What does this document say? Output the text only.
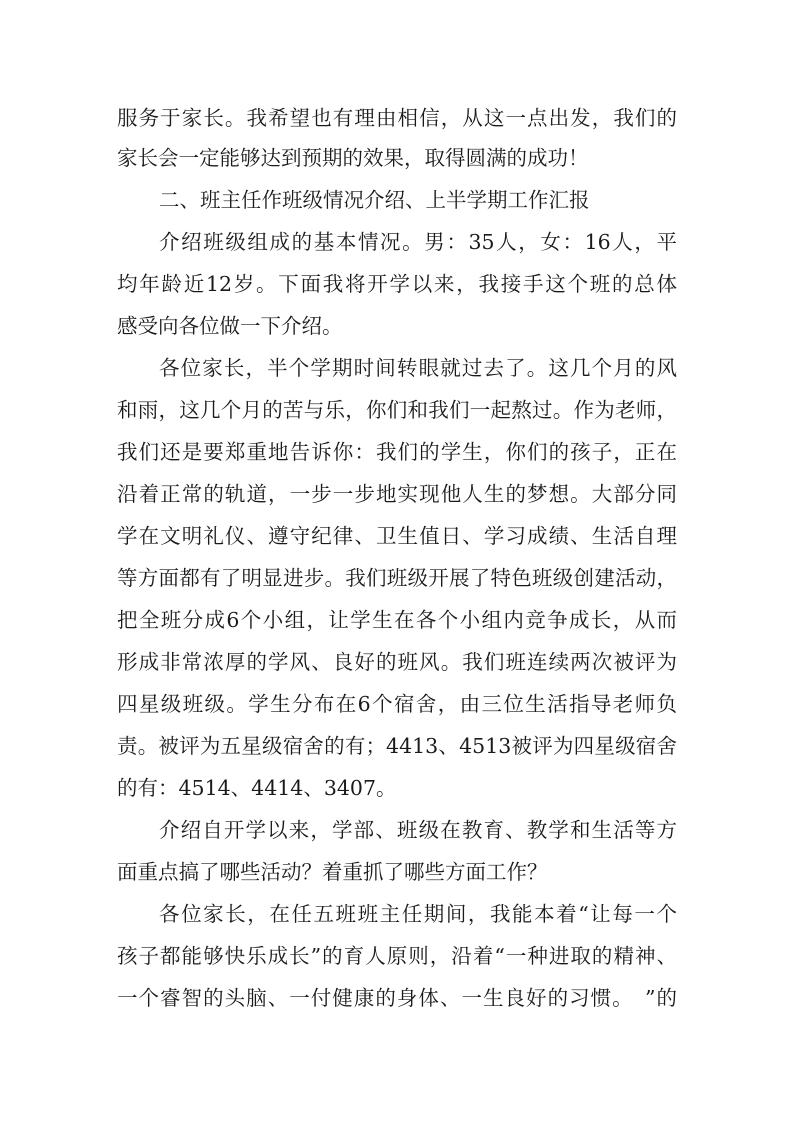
服务于家长。我希望也有理由相信，从这一点出发，我们的
家长会一定能够达到预期的效果，取得圆满的成功！
二、班主任作班级情况介绍、上半学期工作汇报
介绍班级组成的基本情况。男：35人，女：16人，平
均年龄近12岁。下面我将开学以来，我接手这个班的总体
感受向各位做一下介绍。
各位家长，半个学期时间转眼就过去了。这几个月的风
和雨，这几个月的苦与乐，你们和我们一起熬过。作为老师，
我们还是要郑重地告诉你：我们的学生，你们的孩子，正在
沿着正常的轨道，一步一步地实现他人生的梦想。大部分同
学在文明礼仪、遵守纪律、卫生值日、学习成绩、生活自理
等方面都有了明显进步。我们班级开展了特色班级创建活动，
把全班分成6个小组，让学生在各个小组内竞争成长，从而
形成非常浓厚的学风、良好的班风。我们班连续两次被评为
四星级班级。学生分布在6个宿舍，由三位生活指导老师负
责。被评为五星级宿舍的有；4413、4513被评为四星级宿舍
的有：4514、4414、3407。
介绍自开学以来，学部、班级在教育、教学和生活等方
面重点搞了哪些活动？着重抓了哪些方面工作？
各位家长，在任五班班主任期间，我能本着“让每一个
孩子都能够快乐成长”的育人原则，沿着“一种进取的精神、
一个睿智的头脑、一付健康的身体、一生良好的习惯。　”的
